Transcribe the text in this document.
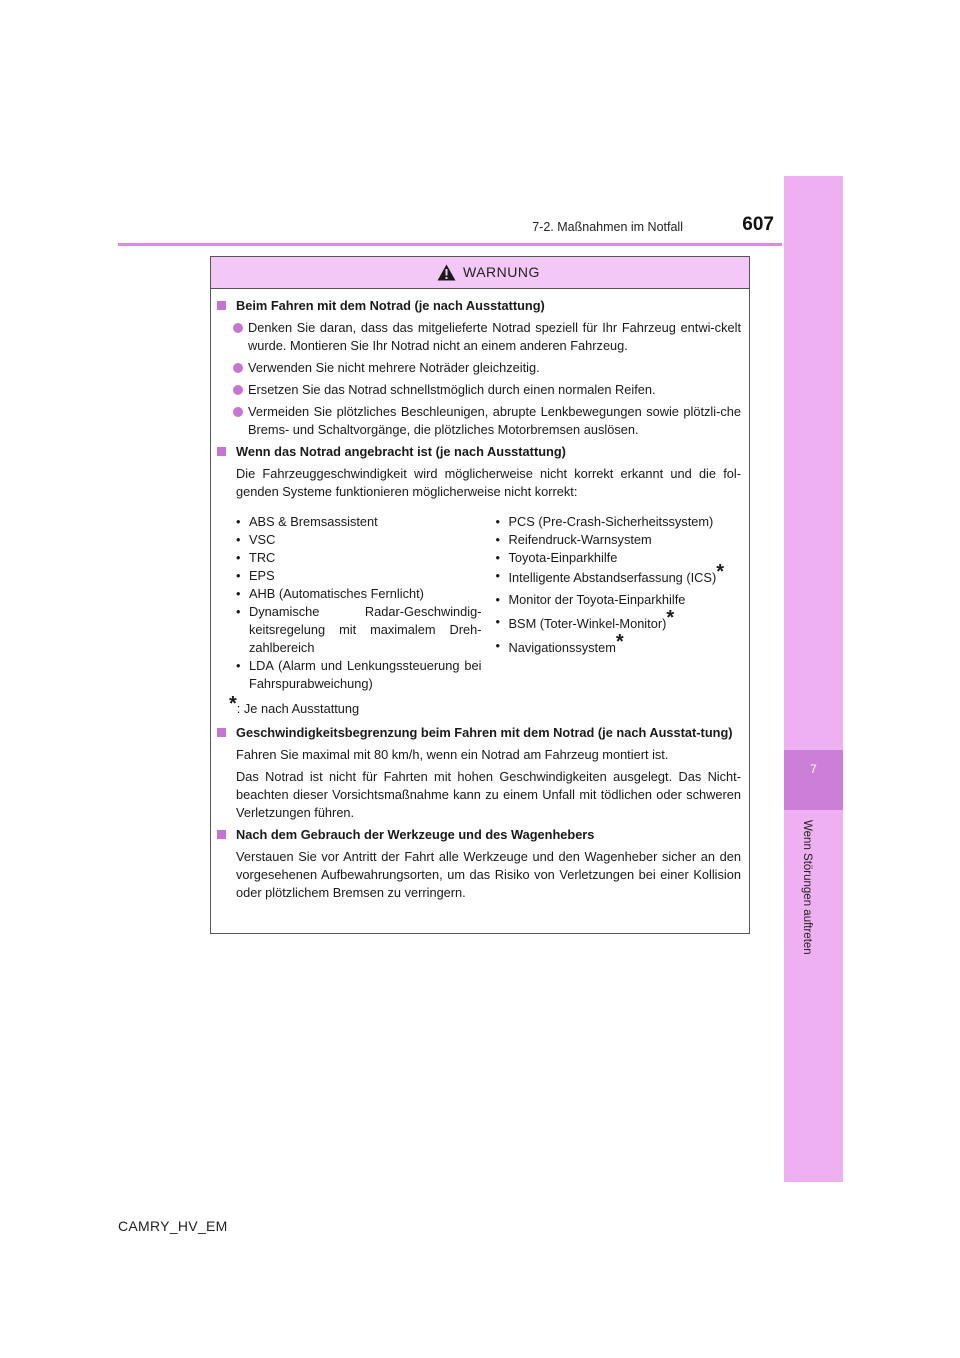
7-2. Maßnahmen im Notfall	607
7
Wenn Störungen auftreten
WARNUNG
Beim Fahren mit dem Notrad (je nach Ausstattung)
Denken Sie daran, dass das mitgelieferte Notrad speziell für Ihr Fahrzeug entwi-ckelt wurde. Montieren Sie Ihr Notrad nicht an einem anderen Fahrzeug.
Verwenden Sie nicht mehrere Noträder gleichzeitig.
Ersetzen Sie das Notrad schnellstmöglich durch einen normalen Reifen.
Vermeiden Sie plötzliches Beschleunigen, abrupte Lenkbewegungen sowie plötzli-che Brems- und Schaltvorgänge, die plötzliches Motorbremsen auslösen.
Wenn das Notrad angebracht ist (je nach Ausstattung)
Die Fahrzeuggeschwindigkeit wird möglicherweise nicht korrekt erkannt und die fol-genden Systeme funktionieren möglicherweise nicht korrekt:
• ABS & Bremsassistent
• VSC
• TRC
• EPS
• AHB (Automatisches Fernlicht)
• Dynamische Radar-Geschwindig-keitsregelung mit maximalem Dreh-zahlbereich
• LDA (Alarm und Lenkungssteuerung bei Fahrspurabweichung)
• PCS (Pre-Crash-Sicherheitssystem)
• Reifendruck-Warnsystem
• Toyota-Einparkhilfe
• Intelligente Abstandserfassung (ICS)*
• Monitor der Toyota-Einparkhilfe
• BSM (Toter-Winkel-Monitor)*
• Navigationssystem*
*: Je nach Ausstattung
Geschwindigkeitsbegrenzung beim Fahren mit dem Notrad (je nach Ausstat-tung)
Fahren Sie maximal mit 80 km/h, wenn ein Notrad am Fahrzeug montiert ist.
Das Notrad ist nicht für Fahrten mit hohen Geschwindigkeiten ausgelegt. Das Nicht-beachten dieser Vorsichtsmaßnahme kann zu einem Unfall mit tödlichen oder schweren Verletzungen führen.
Nach dem Gebrauch der Werkzeuge und des Wagenhebers
Verstauen Sie vor Antritt der Fahrt alle Werkzeuge und den Wagenheber sicher an den vorgesehenen Aufbewahrungsorten, um das Risiko von Verletzungen bei einer Kollision oder plötzlichem Bremsen zu verringern.
CAMRY_HV_EM
